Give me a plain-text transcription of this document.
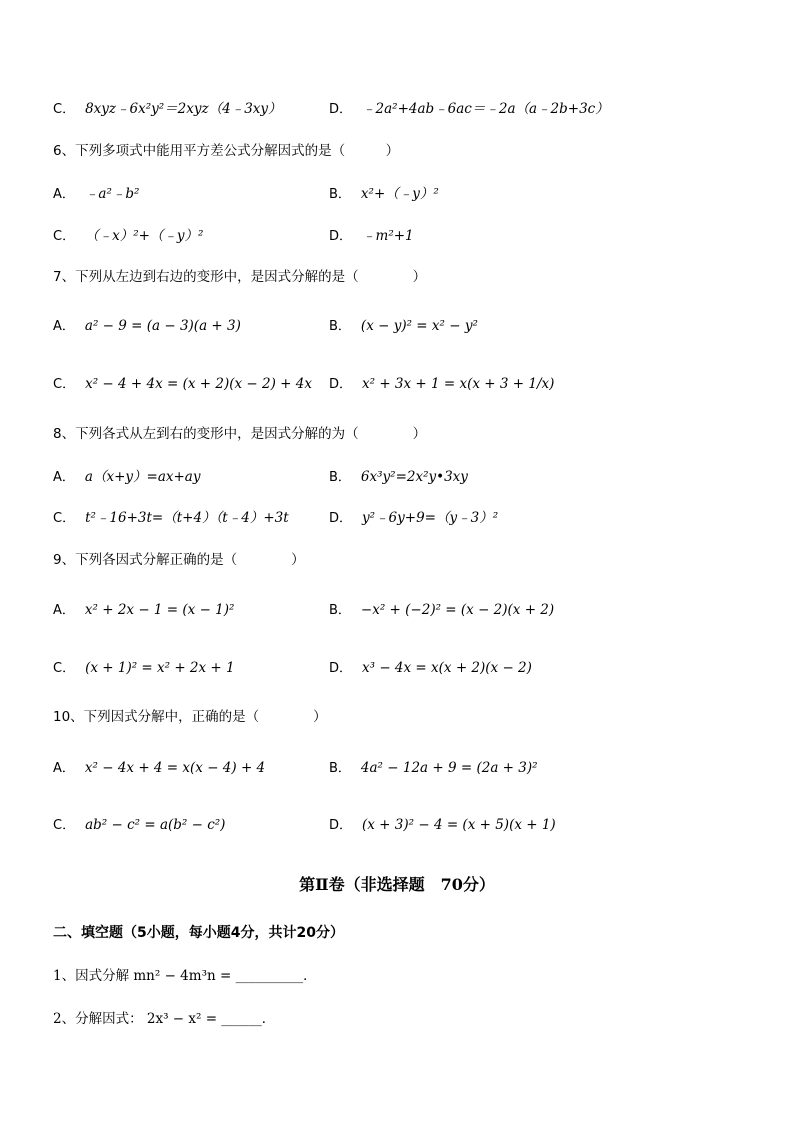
C． 8xyz﹣6x²y²＝2xyz（4﹣3xy）	D． ﹣2a²+4ab﹣6ac＝﹣2a（a﹣2b+3c）
6、下列多项式中能用平方差公式分解因式的是（　　　）
A． ﹣a²﹣b²	B． x²+（﹣y）²
C． （﹣x）²+（﹣y）²	D． ﹣m²+1
7、下列从左边到右边的变形中，是因式分解的是（　　　　）
A． a² − 9 = (a − 3)(a + 3)	B． (x − y)² = x² − y²
C． x² − 4 + 4x = (x + 2)(x − 2) + 4x D． x² + 3x + 1 = x(x + 3 + 1/x)
8、下列各式从左到右的变形中，是因式分解的为（　　　　）
A． a（x+y）=ax+ay	B． 6x³y²=2x²y•3xy
C． t²﹣16+3t=（t+4）（t﹣4）+3t	D． y²﹣6y+9=（y﹣3）²
9、下列各因式分解正确的是（　　　　）
A． x² + 2x − 1 = (x − 1)²	B． −x² + (−2)² = (x − 2)(x + 2)
C． (x + 1)² = x² + 2x + 1	D． x³ − 4x = x(x + 2)(x − 2)
10、下列因式分解中，正确的是（　　　　）
A． x² − 4x + 4 = x(x − 4) + 4	B． 4a² − 12a + 9 = (2a + 3)²
C． ab² − c² = a(b² − c²)	D． (x + 3)² − 4 = (x + 5)(x + 1)
第Ⅱ卷（非选择题　70分）
二、填空题（5小题，每小题4分，共计20分）
1、因式分解 mn² − 4m³n = __________．
2、分解因式： 2x³ − x² = ______．
